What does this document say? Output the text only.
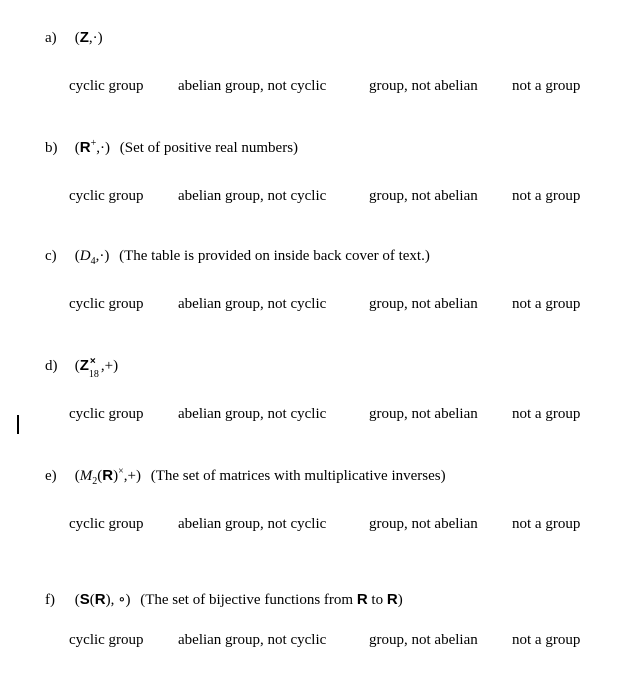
a) (Z,·)
cyclic group abelian group, not cyclic	group, not abelian not a group
b) (R+,·) (Set of positive real numbers)
cyclic group abelian group, not cyclic	group, not abelian not a group
c) $(D_4,\cdot)$ (The table is provided on inside back cover of text.)
cyclic group abelian group, not cyclic	group, not abelian not a group
d) (Z ×
18
,+)
cyclic group abelian group, not cyclic	group, not abelian not a group
e) $(M_2(R)^\times,+)$ (The set of matrices with multiplicative inverses)
cyclic group abelian group, not cyclic	group, not abelian not a group
f) (S(R), ∘) (The set of bijective functions from R to R)
cyclic group abelian group, not cyclic	group, not abelian not a group
